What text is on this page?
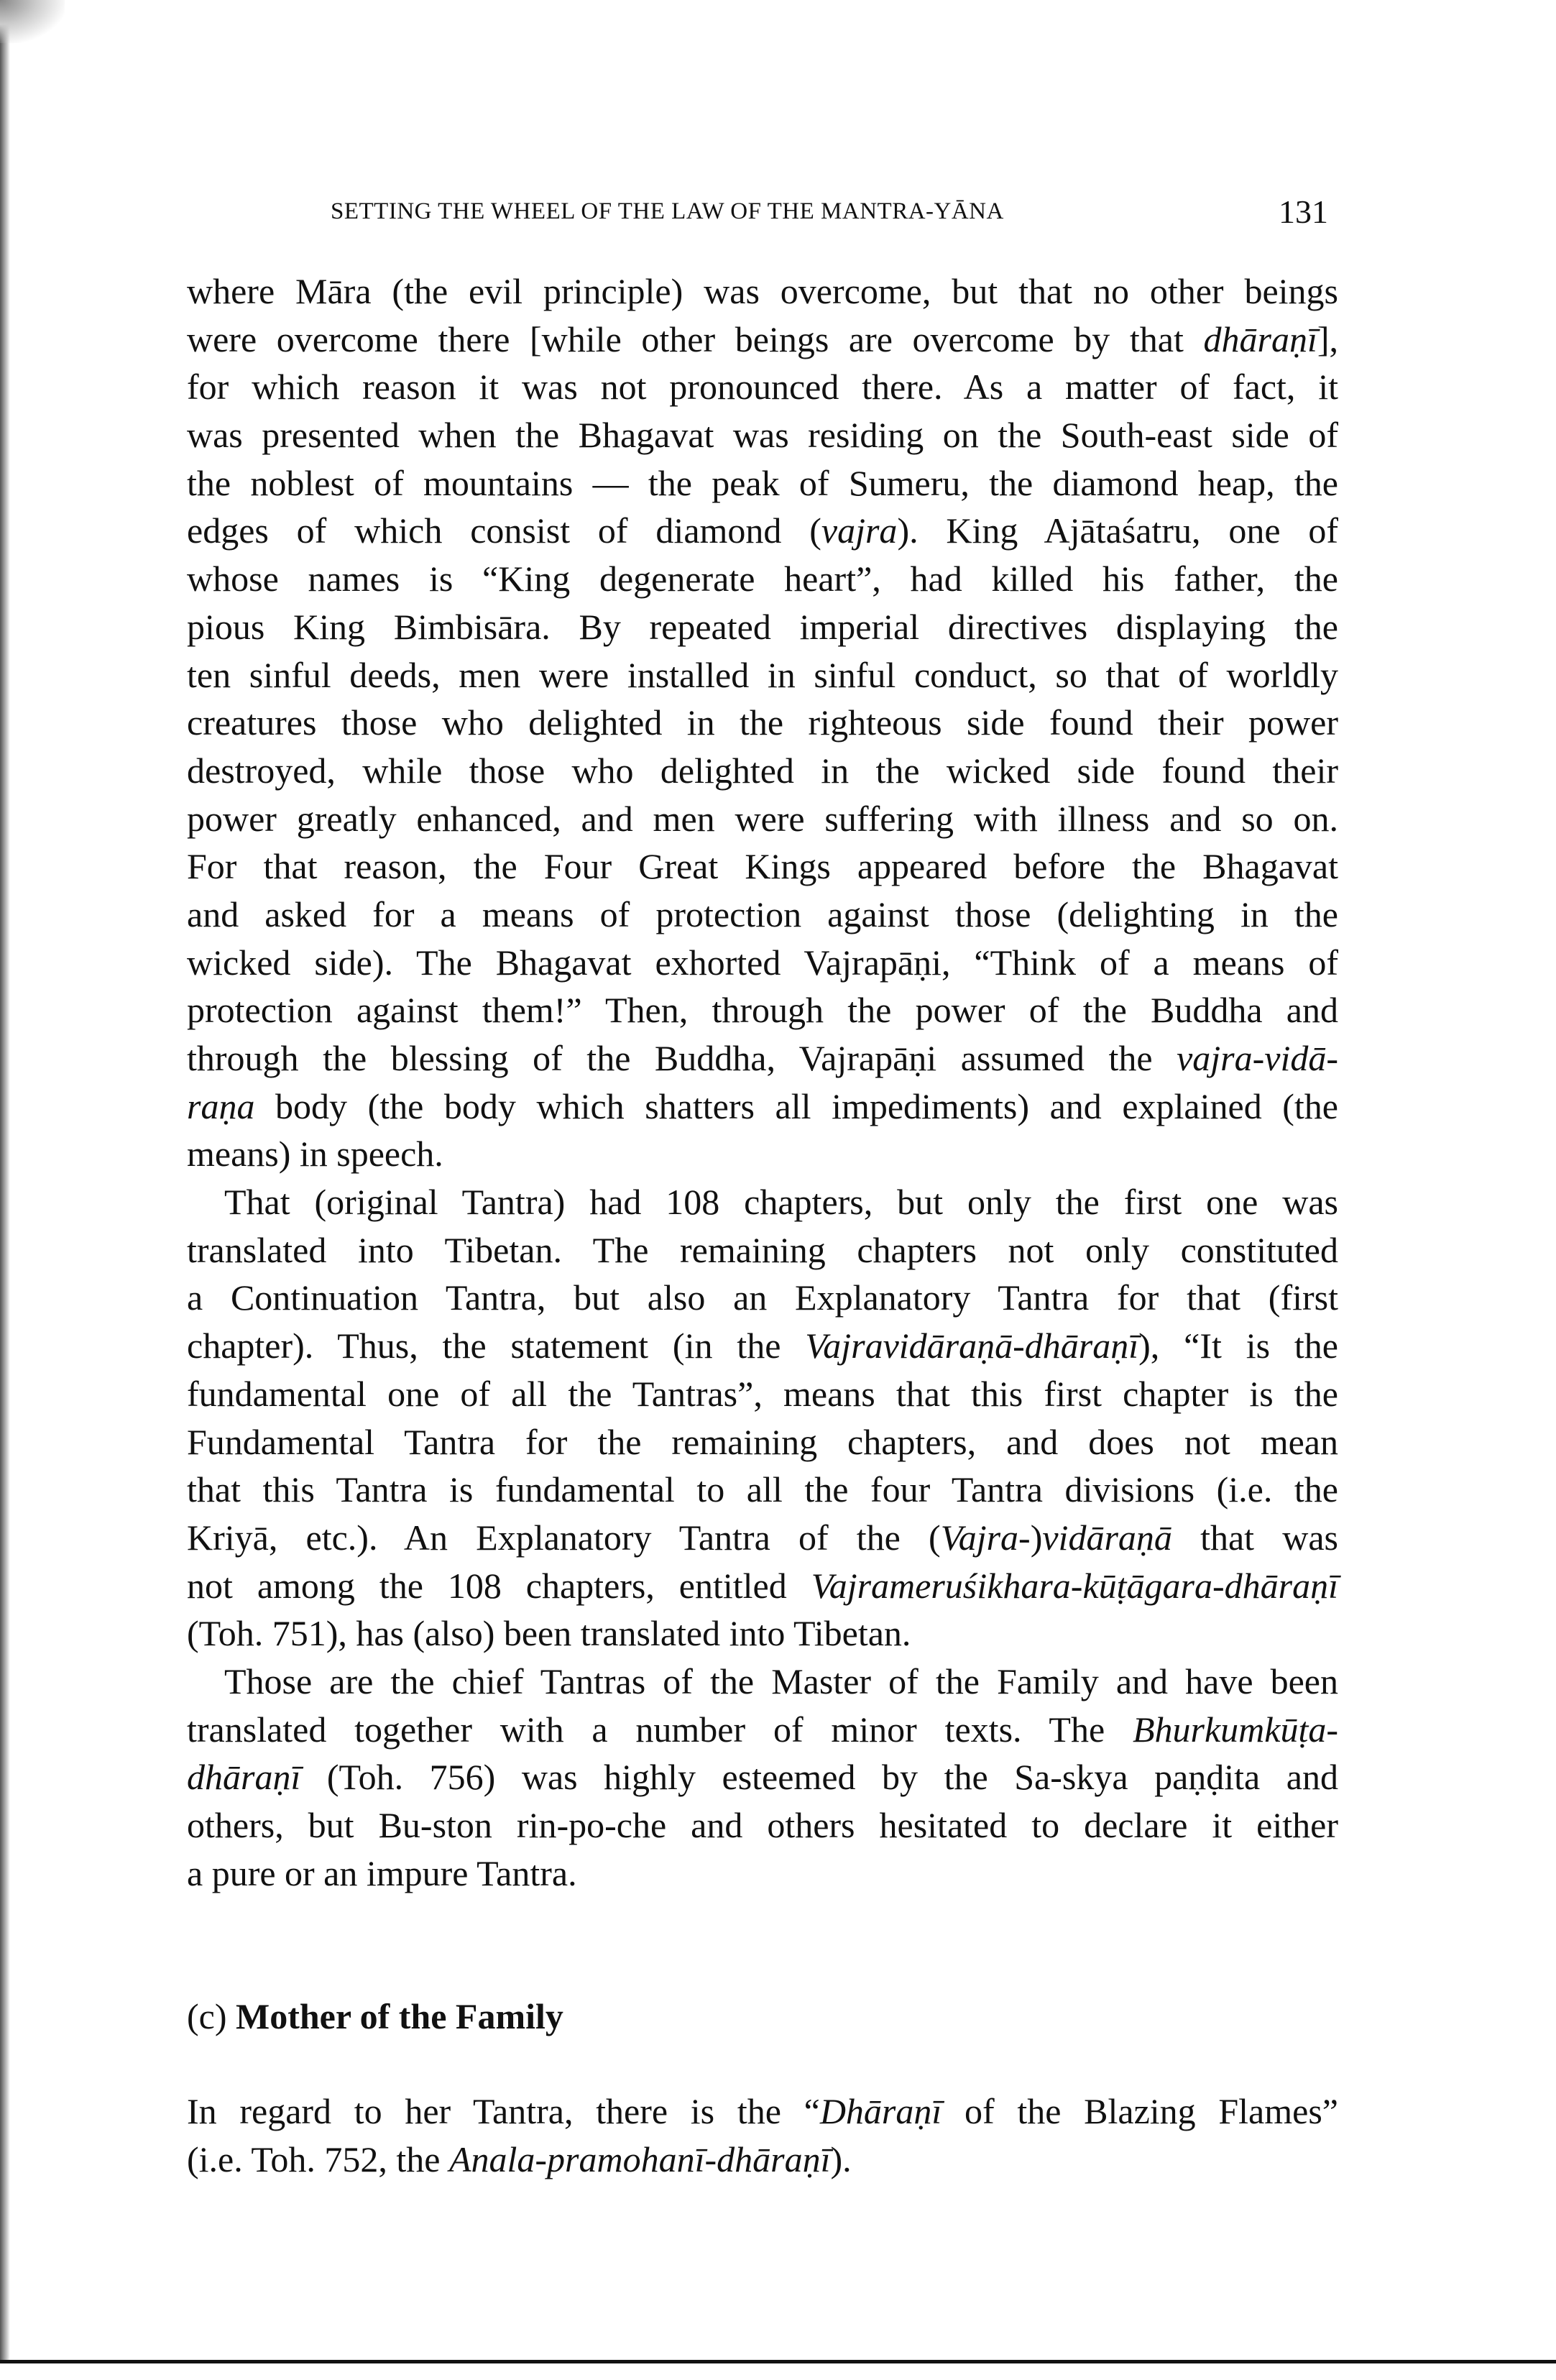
SETTING THE WHEEL OF THE LAW OF THE MANTRA-YĀNA	131
where Māra (the evil principle) was overcome, but that no other beings
were overcome there [while other beings are overcome by that dhāraṇī],
for which reason it was not pronounced there. As a matter of fact, it
was presented when the Bhagavat was residing on the South-east side of
the noblest of mountains — the peak of Sumeru, the diamond heap, the
edges of which consist of diamond (vajra). King Ajātaśatru, one of
whose names is “King degenerate heart”, had killed his father, the
pious King Bimbisāra. By repeated imperial directives displaying the
ten sinful deeds, men were installed in sinful conduct, so that of worldly
creatures those who delighted in the righteous side found their power
destroyed, while those who delighted in the wicked side found their
power greatly enhanced, and men were suffering with illness and so on.
For that reason, the Four Great Kings appeared before the Bhagavat
and asked for a means of protection against those (delighting in the
wicked side). The Bhagavat exhorted Vajrapāṇi, “Think of a means of
protection against them!” Then, through the power of the Buddha and
through the blessing of the Buddha, Vajrapāṇi assumed the vajra-vidā-
raṇa body (the body which shatters all impediments) and explained (the
means) in speech.
That (original Tantra) had 108 chapters, but only the first one was
translated into Tibetan. The remaining chapters not only constituted
a Continuation Tantra, but also an Explanatory Tantra for that (first
chapter). Thus, the statement (in the Vajravidāraṇā-dhāraṇī), “It is the
fundamental one of all the Tantras”, means that this first chapter is the
Fundamental Tantra for the remaining chapters, and does not mean
that this Tantra is fundamental to all the four Tantra divisions (i.e. the
Kriyā, etc.). An Explanatory Tantra of the (Vajra-)vidāraṇā that was
not among the 108 chapters, entitled Vajrameruśikhara-kūṭāgara-dhāraṇī
(Toh. 751), has (also) been translated into Tibetan.
Those are the chief Tantras of the Master of the Family and have been
translated together with a number of minor texts. The Bhurkumkūṭa-
dhāraṇī (Toh. 756) was highly esteemed by the Sa-skya paṇḍita and
others, but Bu-ston rin-po-che and others hesitated to declare it either
a pure or an impure Tantra.
(c) Mother of the Family
In regard to her Tantra, there is the “Dhāraṇī of the Blazing Flames”
(i.e. Toh. 752, the Anala-pramohanī-dhāraṇī).
